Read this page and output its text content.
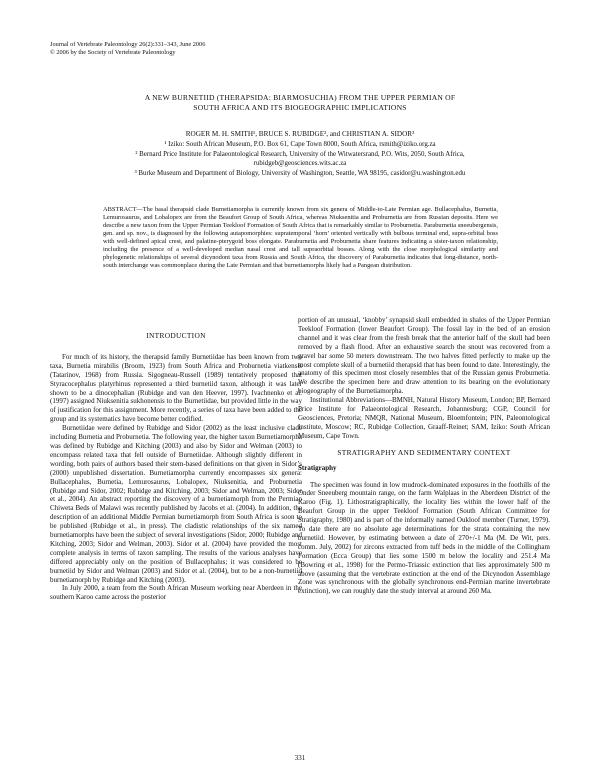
Journal of Vertebrate Paleontology 26(2):331–343, June 2006
© 2006 by the Society of Vertebrate Paleontology
A NEW BURNETIID (THERAPSIDA: BIARMOSUCHIA) FROM THE UPPER PERMIAN OF
SOUTH AFRICA AND ITS BIOGEOGRAPHIC IMPLICATIONS
ROGER M. H. SMITH¹, BRUCE S. RUBIDGE², and CHRISTIAN A. SIDOR³
¹ Iziko: South African Museum, P.O. Box 61, Cape Town 8000, South Africa, rsmith@iziko.org.za
² Bernard Price Institute for Palaeontological Research, University of the Witwatersrand, P.O. Wits, 2050, South Africa,
rubidgeb@geosciences.wits.ac.za
³ Burke Museum and Department of Biology, University of Washington, Seattle, WA 98195, casidor@u.washington.edu
ABSTRACT—The basal therapsid clade Burnetiamorpha is currently known from six genera of Middle-to-Late Permian age. Bullacephalus, Burnetia, Lemurosaurus, and Lobalopex are from the Beaufort Group of South Africa, whereas Niuksenitia and Proburnetia are from Russian deposits. Here we describe a new taxon from the Upper Permian Teekloof Formation of South Africa that is remarkably similar to Proburnetia. Paraburnetia sneeubergensis, gen. and sp. nov., is diagnosed by the following autapomorphies: supratemporal ‘horn’ oriented vertically with bulbous terminal end, supra-orbital boss with well-defined apical crest, and palatine-pterygoid boss elongate. Paraburnetia and Proburnetia share features indicating a sister-taxon relationship, including the presence of a well-developed median nasal crest and tall supraorbital bosses. Along with the close morphological similarity and phylogenetic relationships of several dicynodont taxa from Russia and South Africa, the discovery of Paraburnetia indicates that long-distance, north-south interchange was commonplace during the Late Permian and that burnetiamorphs likely had a Pangean distribution.
INTRODUCTION

For much of its history, the therapsid family Burnetiidae has been known from two taxa, Burnetia mirabilis (Broom, 1923) from South Africa and Proburnetia viatkensis (Tatarinov, 1968) from Russia. Sigogneau-Russell (1989) tentatively proposed that Styracocephalus platyrhinus represented a third burnetiid taxon, although it was later shown to be a dinocephalian (Rubidge and van den Heever, 1997). Ivachnenko et al. (1997) assigned Niuksenitia sukhonensis to the Burnetiidae, but provided little in the way of justification for this assignment. More recently, a series of taxa have been added to the group and its systematics have become better codified.

Burnetiidae were defined by Rubidge and Sidor (2002) as the least inclusive clade including Burnetia and Proburnetia. The following year, the higher taxon Burnetiamorpha was defined by Rubidge and Kitching (2003) and also by Sidor and Welman (2003) to encompass related taxa that fell outside of Burnetiidae. Although slightly different in wording, both pairs of authors based their stem-based definitions on that given in Sidor’s (2000) unpublished dissertation. Burnetiamorpha currently encompasses six genera: Bullacephalus, Burnetia, Lemurosaurus, Lobalopex, Niuksenitia, and Proburnetia (Rubidge and Sidor, 2002; Rubidge and Kitching, 2003; Sidor and Welman, 2003; Sidor et al., 2004). An abstract reporting the discovery of a burnetiamorph from the Permian Chiweta Beds of Malawi was recently published by Jacobs et al. (2004). In addition, the description of an additional Middle Permian burnetiamorph from South Africa is soon to be published (Rubidge et al., in press). The cladistic relationships of the six named burnetiamorphs have been the subject of several investigations (Sidor, 2000; Rubidge and Kitching, 2003; Sidor and Welman, 2003). Sidor et al. (2004) have provided the most complete analysis in terms of taxon sampling. The results of the various analyses have differed appreciably only on the position of Bullacephalus; it was considered to be burnetiid by Sidor and Welman (2003) and Sidor et al. (2004), but to be a non-burnetiid burnetiamorph by Rubidge and Kitching (2003).

In July 2000, a team from the South African Museum working near Aberdeen in the southern Karoo came across the posterior

portion of an unusual, ‘knobby’ synapsid skull embedded in shales of the Upper Permian Teekloof Formation (lower Beaufort Group). The fossil lay in the bed of an erosion channel and it was clear from the fresh break that the anterior half of the skull had been removed by a flash flood. After an exhaustive search the snout was recovered from a gravel bar some 50 meters downstream. The two halves fitted perfectly to make up the most complete skull of a burnetiid therapsid that has been found to date. Interestingly, the anatomy of this specimen most closely resembles that of the Russian genus Proburnetia. We describe the specimen here and draw attention to its bearing on the evolutionary biogeography of the Burnetiamorpha.

Institutional Abbreviations—BMNH, Natural History Museum, London; BP, Bernard Price Institute for Palaeontological Research, Johannesburg; CGP, Council for Geosciences, Pretoria; NMQR, National Museum, Bloemfontein; PIN, Paleontological Institute, Moscow; RC, Rubidge Collection, Graaff-Reinet; SAM, Iziko: South African Museum, Cape Town.

STRATIGRAPHY AND SEDIMENTARY CONTEXT
Stratigraphy

The specimen was found in low mudrock-dominated exposures in the foothills of the Onder Sneeuberg mountain range, on the farm Walplaas in the Aberdeen District of the Karoo (Fig. 1). Lithostratigraphically, the locality lies within the lower half of the Beaufort Group in the upper Teekloof Formation (South African Committee for Stratigraphy, 1980) and is part of the informally named Oukloof member (Turner, 1979). To date there are no absolute age determinations for the strata containing the new burnetiid. However, by estimating between a date of 270+/-1 Ma (M. De Wit, pers. comm. July, 2002) for zircons extracted from tuff beds in the middle of the Collingham Formation (Ecca Group) that lies some 1500 m below the locality and 251.4 Ma (Bowring et al., 1998) for the Permo-Triassic extinction that lies approximately 500 m above (assuming that the vertebrate extinction at the end of the Dicynodon Assemblage Zone was synchronous with the globally synchronous end-Permian marine invertebrate extinction), we can roughly date the study interval at around 260 Ma.

331
